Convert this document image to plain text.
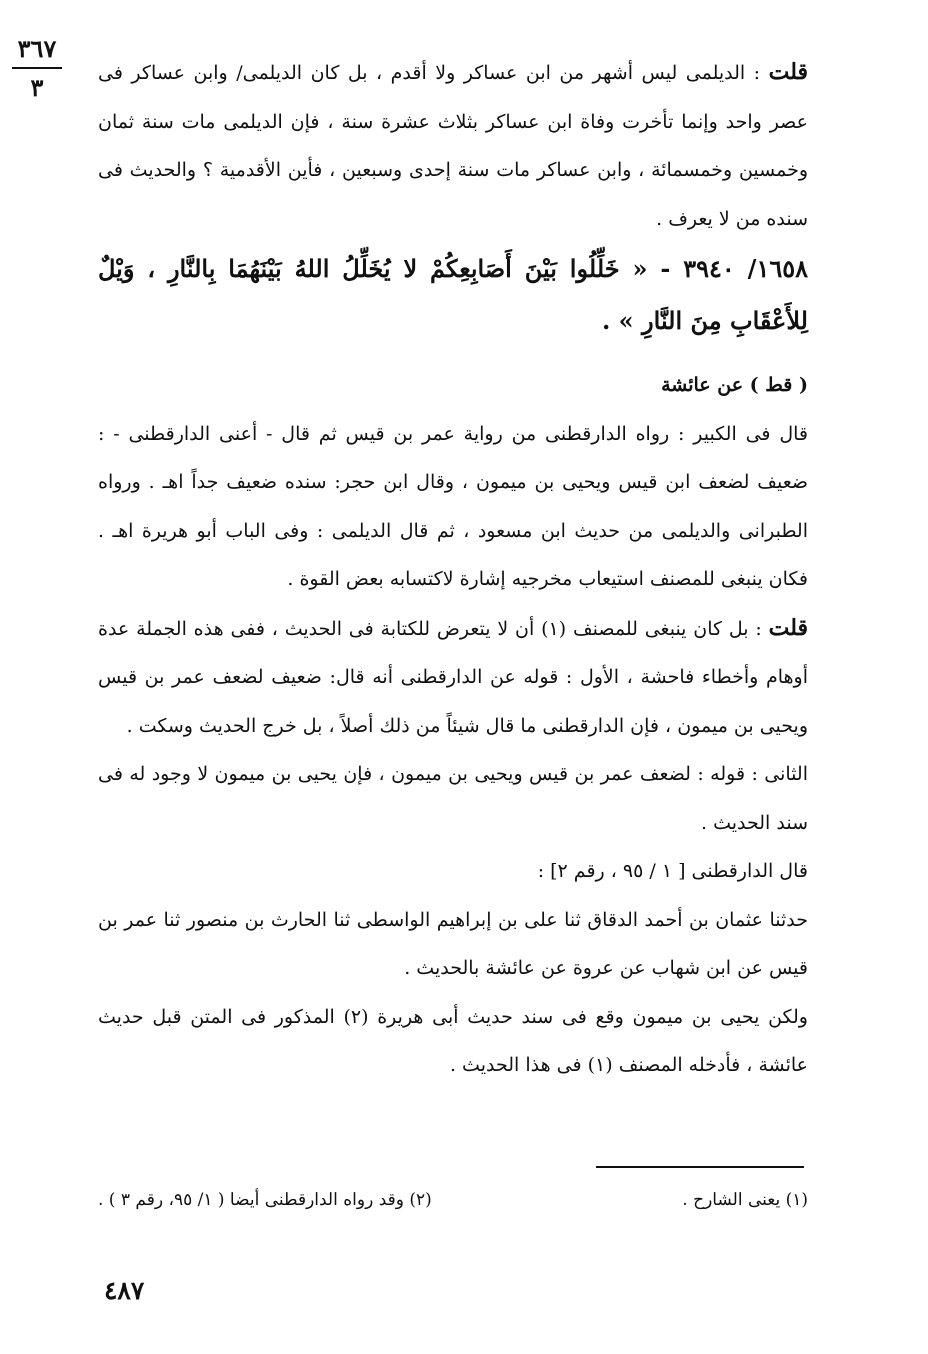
٣٦٧
٣

قلت : الديلمى ليس أشهر من ابن عساكر ولا أقدم ، بل كان الديلمى/ وابن عساكر فى عصر واحد وإنما تأخرت وفاة ابن عساكر بثلاث عشرة سنة ، فإن الديلمى مات سنة ثمان وخمسين وخمسمائة ، وابن عساكر مات سنة إحدى وسبعين ، فأين الأقدمية ؟ والحديث فى سنده من لا يعرف .

١٦٥٨/ ٣٩٤٠ - « خَلِّلُوا بَيْنَ أَصَابِعِكُمْ لا يُخَلِّلُ اللهُ بَيْنَهُمَا بِالنَّارِ ، وَيْلٌ لِلأَعْقَابِ مِنَ النَّارِ » .

( قط ) عن عائشة

قال فى الكبير : رواه الدارقطنى من رواية عمر بن قيس ثم قال - أعنى الدارقطنى - : ضعيف لضعف ابن قيس ويحيى بن ميمون ، وقال ابن حجر: سنده ضعيف جداً اهـ . ورواه الطبرانى والديلمى من حديث ابن مسعود ، ثم قال الديلمى : وفى الباب أبو هريرة اهـ . فكان ينبغى للمصنف استيعاب مخرجيه إشارة لاكتسابه بعض القوة .

قلت : بل كان ينبغى للمصنف (١) أن لا يتعرض للكتابة فى الحديث ، ففى هذه الجملة عدة أوهام وأخطاء فاحشة ، الأول : قوله عن الدارقطنى أنه قال: ضعيف لضعف عمر بن قيس ويحيى بن ميمون ، فإن الدارقطنى ما قال شيئاً من ذلك أصلاً ، بل خرج الحديث وسكت .

الثانى : قوله : لضعف عمر بن قيس ويحيى بن ميمون ، فإن يحيى بن ميمون لا وجود له فى سند الحديث .

قال الدارقطنى [ ١ / ٩٥ ، رقم ٢] :

حدثنا عثمان بن أحمد الدقاق ثنا على بن إبراهيم الواسطى ثنا الحارث بن منصور ثنا عمر بن قيس عن ابن شهاب عن عروة عن عائشة بالحديث .

ولكن يحيى بن ميمون وقع فى سند حديث أبى هريرة (٢) المذكور فى المتن قبل حديث عائشة ، فأدخله المصنف (١) فى هذا الحديث .

(١) يعنى الشارح .
(٢) وقد رواه الدارقطنى أيضا ( ١/ ٩٥، رقم ٣ ) .
٤٨٧
